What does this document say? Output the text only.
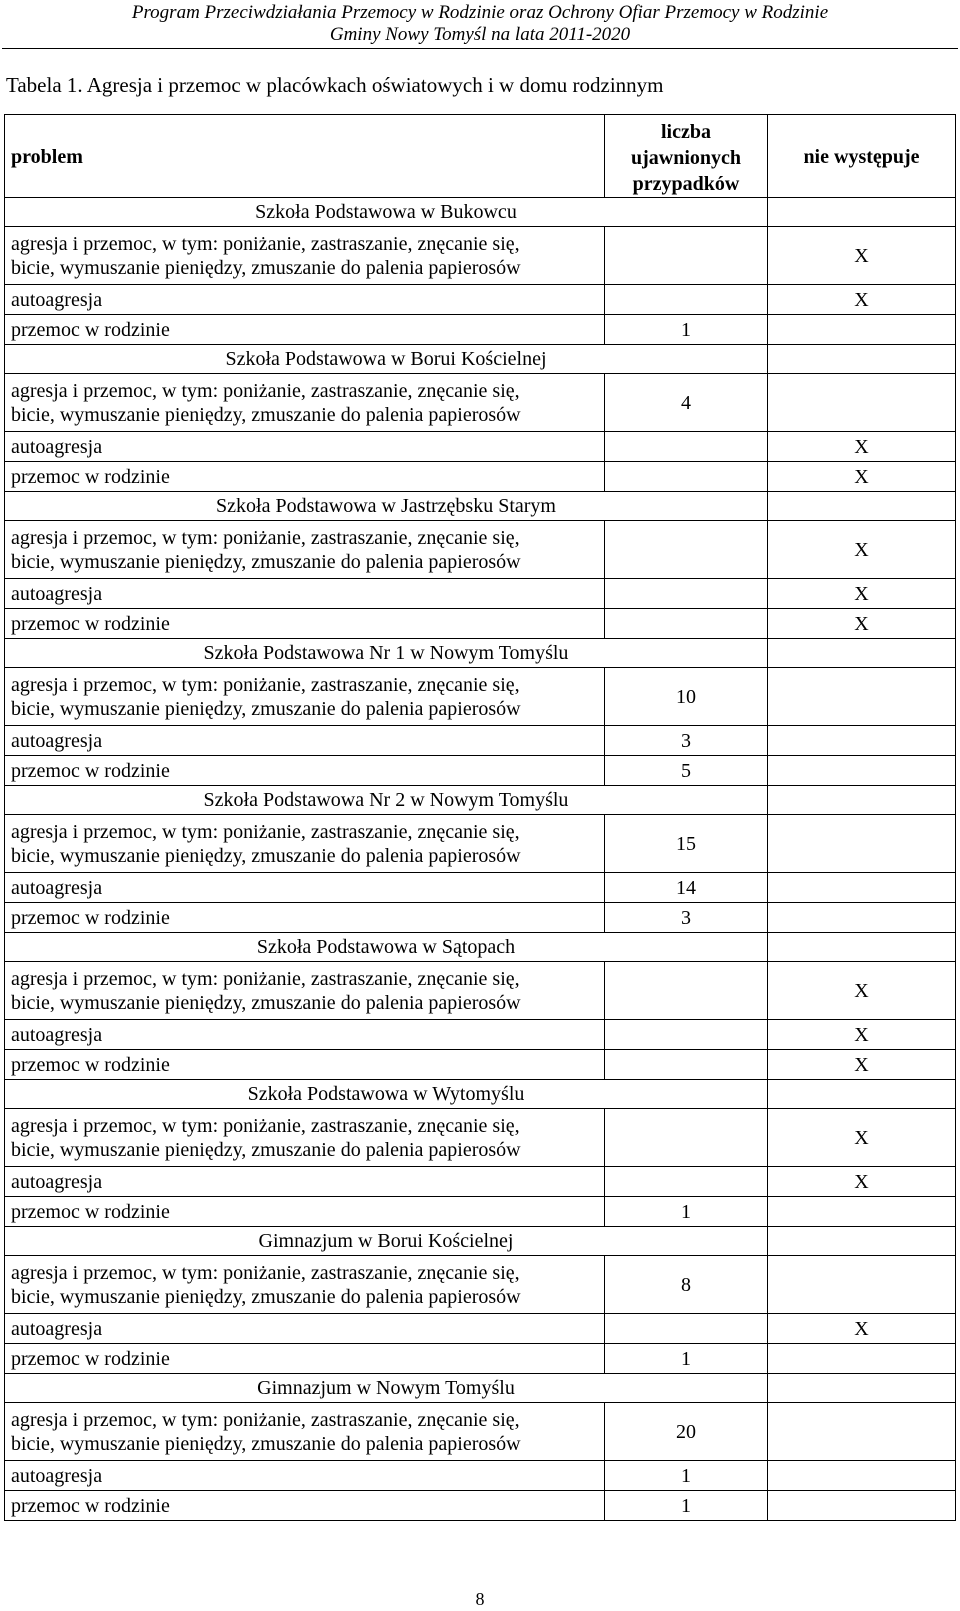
Program Przeciwdziałania Przemocy w Rodzinie oraz Ochrony Ofiar Przemocy w Rodzinie
Gminy Nowy Tomyśl na lata 2011-2020
Tabela 1. Agresja i przemoc w placówkach oświatowych i w domu rodzinnym
problem	liczba ujawnionych przypadków	nie występuje
Szkoła Podstawowa w Bukowcu		

agresja i przemoc, w tym: poniżanie, zastraszanie, znęcanie się,
bicie, wymuszanie pieniędzy, zmuszanie do palenia papierosów		X
autoagresja		X
przemoc w rodzinie	1	
Szkoła Podstawowa w Borui Kościelnej		

agresja i przemoc, w tym: poniżanie, zastraszanie, znęcanie się,
bicie, wymuszanie pieniędzy, zmuszanie do palenia papierosów	4	
autoagresja		X
przemoc w rodzinie		X
Szkoła Podstawowa w Jastrzębsku Starym		

agresja i przemoc, w tym: poniżanie, zastraszanie, znęcanie się,
bicie, wymuszanie pieniędzy, zmuszanie do palenia papierosów		X
autoagresja		X
przemoc w rodzinie		X
Szkoła Podstawowa Nr 1 w Nowym Tomyślu		

agresja i przemoc, w tym: poniżanie, zastraszanie, znęcanie się,
bicie, wymuszanie pieniędzy, zmuszanie do palenia papierosów	10	
autoagresja	3	
przemoc w rodzinie	5	
Szkoła Podstawowa Nr 2 w Nowym Tomyślu		

agresja i przemoc, w tym: poniżanie, zastraszanie, znęcanie się,
bicie, wymuszanie pieniędzy, zmuszanie do palenia papierosów	15	
autoagresja	14	
przemoc w rodzinie	3	
Szkoła Podstawowa w Sątopach		

agresja i przemoc, w tym: poniżanie, zastraszanie, znęcanie się,
bicie, wymuszanie pieniędzy, zmuszanie do palenia papierosów		X
autoagresja		X
przemoc w rodzinie		X
Szkoła Podstawowa w Wytomyślu		

agresja i przemoc, w tym: poniżanie, zastraszanie, znęcanie się,
bicie, wymuszanie pieniędzy, zmuszanie do palenia papierosów		X
autoagresja		X
przemoc w rodzinie	1	
Gimnazjum w Borui Kościelnej		

agresja i przemoc, w tym: poniżanie, zastraszanie, znęcanie się,
bicie, wymuszanie pieniędzy, zmuszanie do palenia papierosów	8	
autoagresja		X
przemoc w rodzinie	1	
Gimnazjum w Nowym Tomyślu		

agresja i przemoc, w tym: poniżanie, zastraszanie, znęcanie się,
bicie, wymuszanie pieniędzy, zmuszanie do palenia papierosów	20	
autoagresja	1	
przemoc w rodzinie	1	
8
